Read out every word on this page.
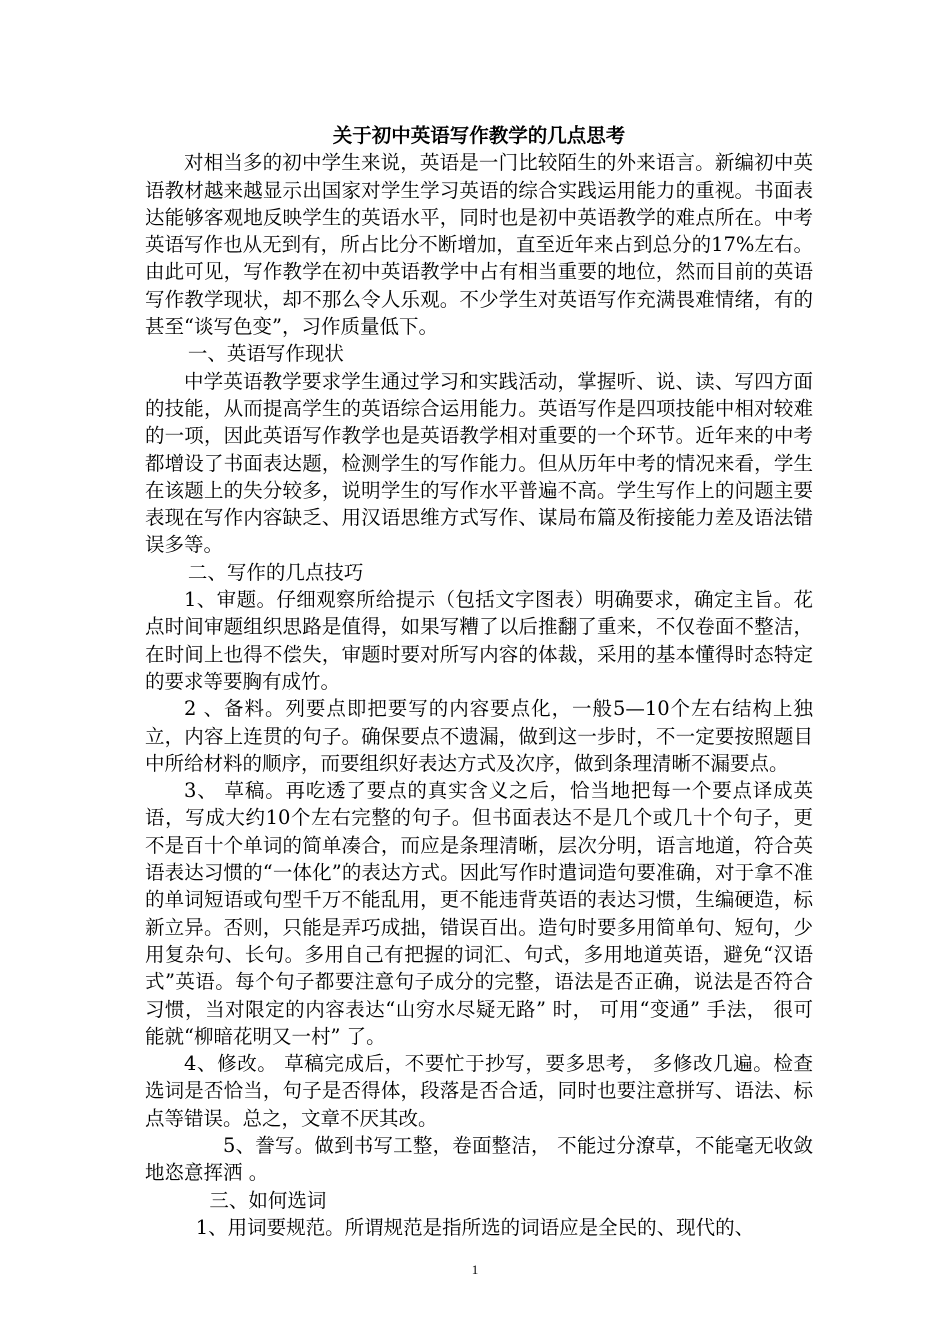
关于初中英语写作教学的几点思考

对相当多的初中学生来说，英语是一门比较陌生的外来语言。新编初中英语教材越来越显示出国家对学生学习英语的综合实践运用能力的重视。书面表达能够客观地反映学生的英语水平，同时也是初中英语教学的难点所在。中考英语写作也从无到有，所占比分不断增加，直至近年来占到总分的17%左右。由此可见，写作教学在初中英语教学中占有相当重要的地位，然而目前的英语写作教学现状，却不那么令人乐观。不少学生对英语写作充满畏难情绪，有的甚至“谈写色变”，习作质量低下。

一、英语写作现状

中学英语教学要求学生通过学习和实践活动，掌握听、说、读、写四方面的技能，从而提高学生的英语综合运用能力。英语写作是四项技能中相对较难的一项，因此英语写作教学也是英语教学相对重要的一个环节。近年来的中考都增设了书面表达题，检测学生的写作能力。但从历年中考的情况来看，学生在该题上的失分较多，说明学生的写作水平普遍不高。学生写作上的问题主要表现在写作内容缺乏、用汉语思维方式写作、谋局布篇及衔接能力差及语法错误多等。

二、写作的几点技巧

1、审题。仔细观察所给提示（包括文字图表）明确要求，确定主旨。花点时间审题组织思路是值得，如果写糟了以后推翻了重来，不仅卷面不整洁，在时间上也得不偿失，审题时要对所写内容的体裁，采用的基本懂得时态特定的要求等要胸有成竹。

2 、备料。列要点即把要写的内容要点化，一般5—10个左右结构上独立，内容上连贯的句子。确保要点不遗漏，做到这一步时，不一定要按照题目中所给材料的顺序，而要组织好表达方式及次序，做到条理清晰不漏要点。

3、 草稿。再吃透了要点的真实含义之后，恰当地把每一个要点译成英语，写成大约10个左右完整的句子。但书面表达不是几个或几十个句子，更不是百十个单词的简单凑合，而应是条理清晰，层次分明，语言地道，符合英语表达习惯的“一体化”的表达方式。因此写作时遣词造句要准确，对于拿不准的单词短语或句型千万不能乱用，更不能违背英语的表达习惯，生编硬造，标新立异。否则，只能是弄巧成拙，错误百出。造句时要多用简单句、短句，少用复杂句、长句。多用自己有把握的词汇、句式，多用地道英语，避免“汉语式”英语。每个句子都要注意句子成分的完整，语法是否正确，说法是否符合习惯，当对限定的内容表达“山穷水尽疑无路” 时， 可用“变通” 手法， 很可能就“柳暗花明又一村” 了。

4、修改。 草稿完成后，不要忙于抄写，要多思考， 多修改几遍。检查选词是否恰当，句子是否得体，段落是否合适，同时也要注意拼写、语法、标点等错误。总之，文章不厌其改。

5、誊写。做到书写工整，卷面整洁， 不能过分潦草，不能毫无收敛地恣意挥洒 。

三、如何选词

1、用词要规范。所谓规范是指所选的词语应是全民的、现代的、

1
